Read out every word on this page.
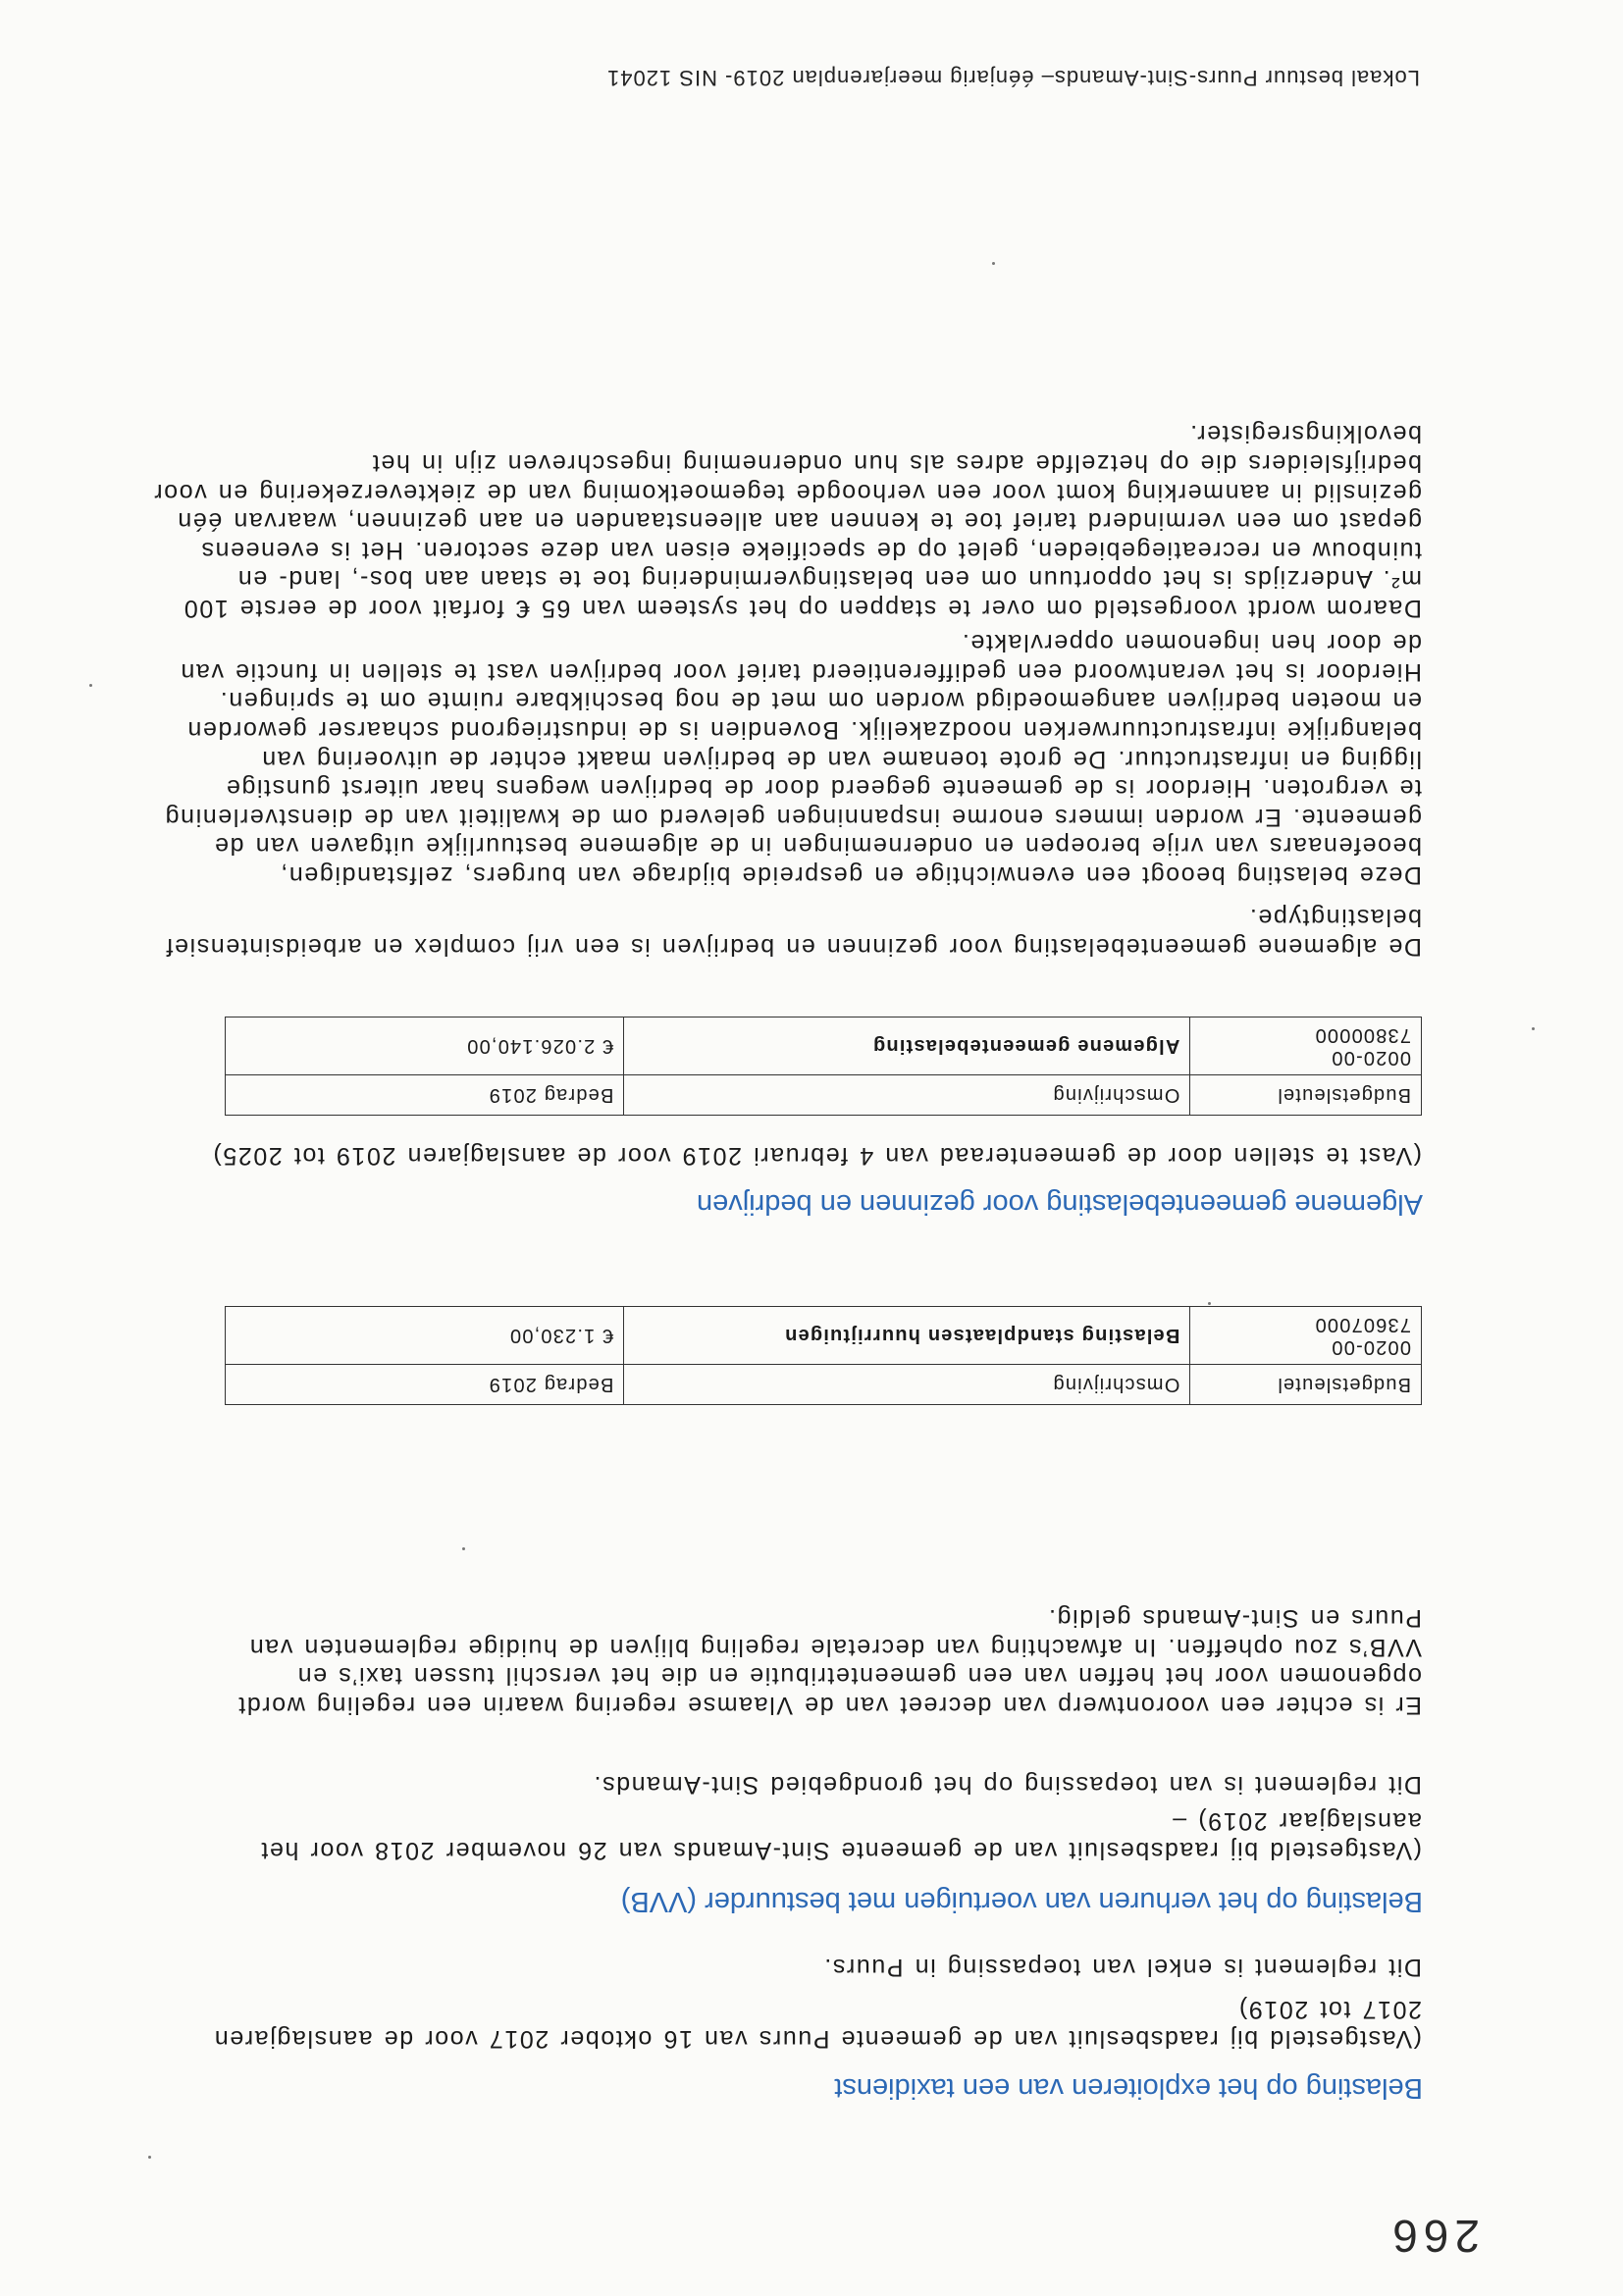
266
Belasting op het exploiteren van een taxidienst
(Vastgesteld bij raadsbesluit van de gemeente Puurs van 16 oktober 2017 voor de aanslagjaren
2017 tot 2019)
Dit reglement is enkel van toepassing in Puurs.
Belasting op het verhuren van voertuigen met bestuurder (VVB)
(Vastgesteld bij raadsbesluit van de gemeente Sint-Amands van 26 november 2018 voor het
aanslagjaar 2019) –
Dit reglement is van toepassing op het grondgebied Sint-Amands.
Er is echter een voorontwerp van decreet van de Vlaamse regering waarin een regeling wordt
opgenomen voor het heffen van een gemeentetributie en die het verschil tussen taxi’s en
VVB’s zou opheffen. In afwachting van decretale regeling blijven de huidige reglementen van
Puurs en Sint-Amands geldig.
Budgetsleutel	Omschrijving	Bedrag 2019
0020-00  73607000	Belasting standplaatsen huurrijtuigen	€ 1.230,00
Algemene gemeentebelasting voor gezinnen en bedrijven
(Vast te stellen door de gemeenteraad van 4 februari 2019 voor de aanslagjaren 2019 tot 2025)
Budgetsleutel	Omschrijving	Bedrag 2019
0020-00  73800000	Algemene gemeentebelasting	€ 2.026.140,00
De algemene gemeentebelasting voor gezinnen en bedrijven is een vrij complex en arbeidsintensief
belastingtype.
Deze belasting beoogt een evenwichtige en gespreide bijdrage van burgers, zelfstandigen,
beoefenaars van vrije beroepen en ondernemingen in de algemene bestuurlijke uitgaven van de
gemeente. Er worden immers enorme inspanningen geleverd om de kwaliteit van de dienstverlening
te vergroten. Hierdoor is de gemeente gegeerd door de bedrijven wegens haar uiterst gunstige
ligging en infrastructuur. De grote toename van de bedrijven maakt echter de uitvoering van
belangrijke infrastructuurwerken noodzakelijk. Bovendien is de industriegrond schaarser geworden
en moeten bedrijven aangemoedigd worden om met de nog beschikbare ruimte om te springen.
Hierdoor is het verantwoord een gedifferentieerd tarief voor bedrijven vast te stellen in functie van
de door hen ingenomen oppervlakte.
Daarom wordt voorgesteld om over te stappen op het systeem van 65 € forfait voor de eerste 100
m². Anderzijds is het opportuun om een belastingvermindering toe te staan aan bos-, land- en
tuinbouw en recreatiegebieden, gelet op de specifieke eisen van deze sectoren. Het is eveneens
gepast om een verminderd tarief toe te kennen aan alleenstaanden en aan gezinnen, waarvan één
gezinslid in aanmerking komt voor een verhoogde tegemoetkoming van de ziekteverzekering en voor
bedrijfsleiders die op hetzelfde adres als hun onderneming ingeschreven zijn in het
bevolkingsregister.
Lokaal bestuur Puurs-Sint-Amands– éénjarig meerjarenplan 2019- NIS 12041
